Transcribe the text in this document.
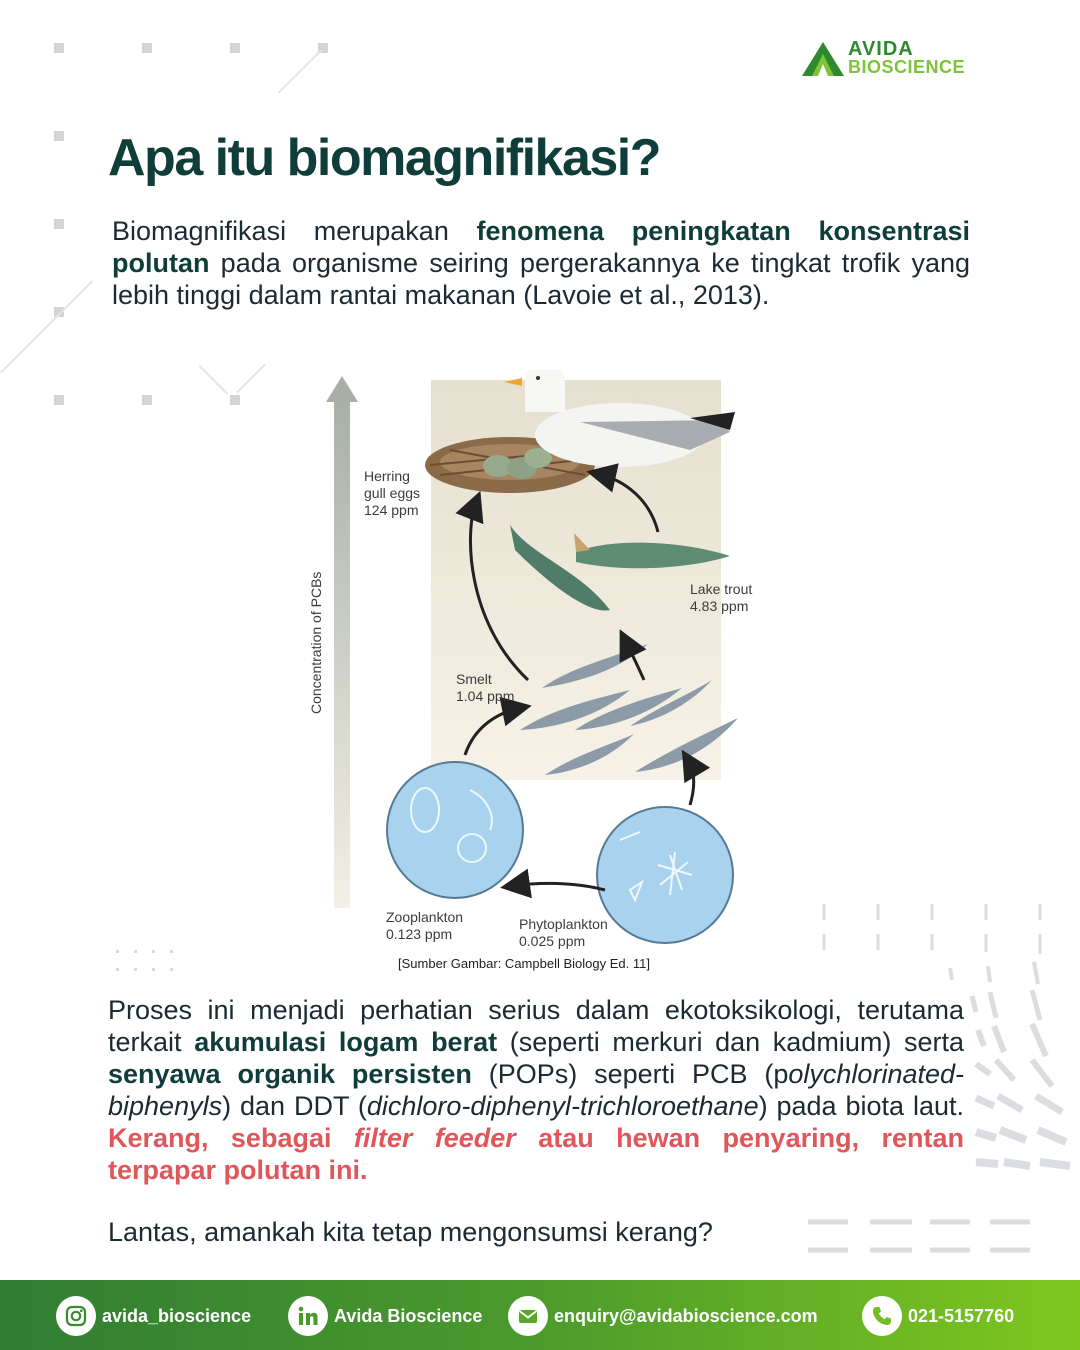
AVIDA
BIOSCIENCE
Apa itu biomagnifikasi?

Biomagnifikasi merupakan fenomena peningkatan konsentrasi polutan pada organisme seiring pergerakannya ke tingkat trofik yang lebih tinggi dalam rantai makanan (Lavoie et al., 2013).

Concentration of PCBs
Herring
gull eggs
124 ppm
Lake trout
4.83 ppm
Smelt
1.04 ppm
Zooplankton
0.123 ppm
Phytoplankton
0.025 ppm
[Sumber Gambar: Campbell Biology Ed. 11]

Proses ini menjadi perhatian serius dalam ekotoksikologi, terutama terkait akumulasi logam berat (seperti merkuri dan kadmium) serta senyawa organik persisten (POPs) seperti PCB (polychlorinated-biphenyls) dan DDT (dichloro-diphenyl-trichloroethane) pada biota laut. Kerang, sebagai filter feeder atau hewan penyaring, rentan terpapar polutan ini.

Lantas, amankah kita tetap mengonsumsi kerang?

avida_bioscience	Avida Bioscience	enquiry@avidabioscience.com	021-5157760
